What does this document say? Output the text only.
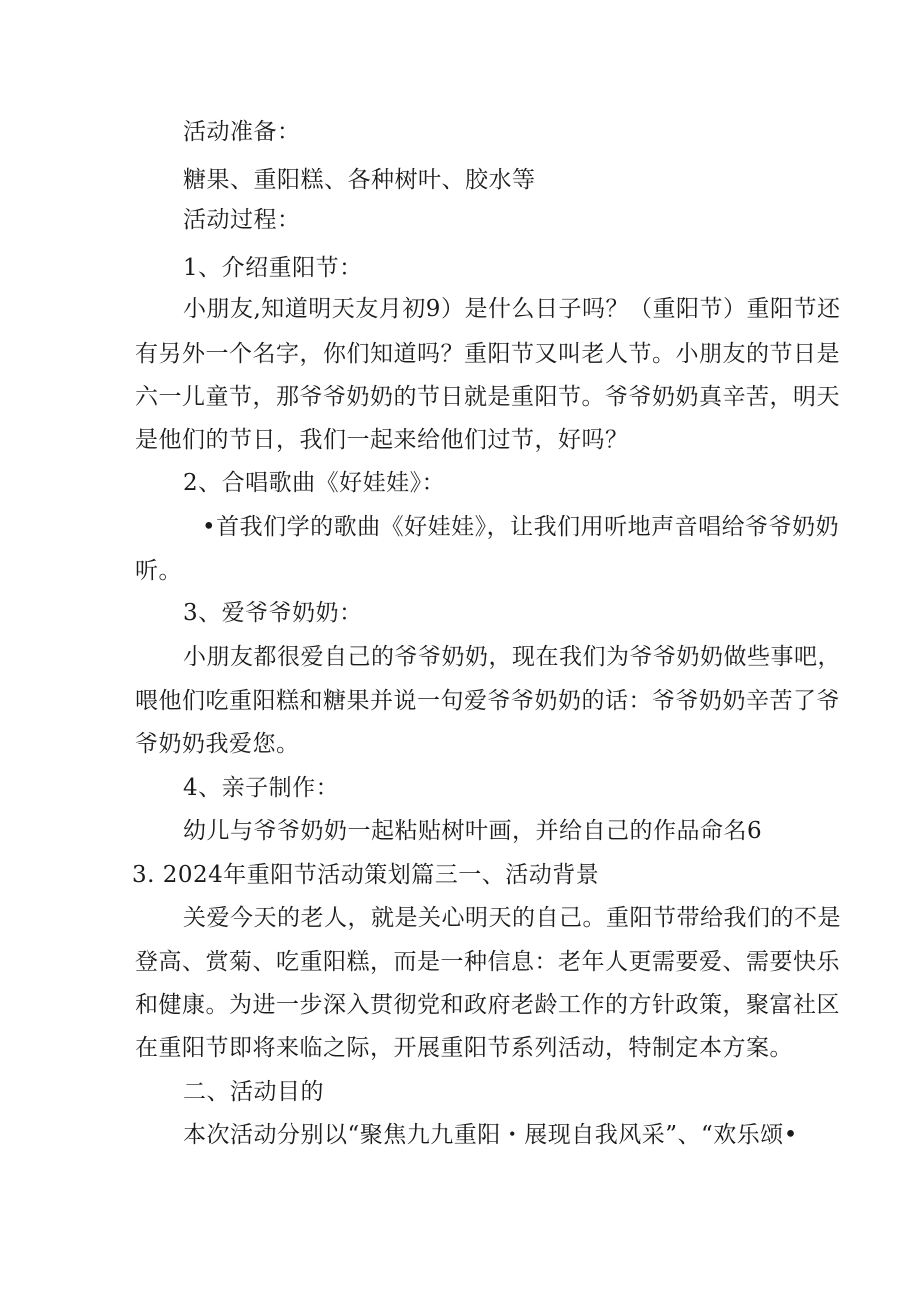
活动准备：
糖果、重阳糕、各种树叶、胶水等
活动过程：
1、介绍重阳节：
小朋友,知道明天友月初9）是什么日子吗？（重阳节）重阳节还
有另外一个名字，你们知道吗？重阳节又叫老人节。小朋友的节日是
六一儿童节，那爷爷奶奶的节日就是重阳节。爷爷奶奶真辛苦，明天
是他们的节日，我们一起来给他们过节，好吗？
2、合唱歌曲《好娃娃》：
•首我们学的歌曲《好娃娃》，让我们用听地声音唱给爷爷奶奶
听。
3、爱爷爷奶奶：
小朋友都很爱自己的爷爷奶奶，现在我们为爷爷奶奶做些事吧，
喂他们吃重阳糕和糖果并说一句爱爷爷奶奶的话：爷爷奶奶辛苦了爷
爷奶奶我爱您。
4、亲子制作：
幼儿与爷爷奶奶一起粘贴树叶画，并给自己的作品命名6
3. 2024年重阳节活动策划篇三一、活动背景
关爱今天的老人，就是关心明天的自己。重阳节带给我们的不是
登高、赏菊、吃重阳糕，而是一种信息：老年人更需要爱、需要快乐
和健康。为进一步深入贯彻党和政府老龄工作的方针政策，聚富社区
在重阳节即将来临之际，开展重阳节系列活动，特制定本方案。
二、活动目的
本次活动分别以“聚焦九九重阳・展现自我风采”、“欢乐颂•
